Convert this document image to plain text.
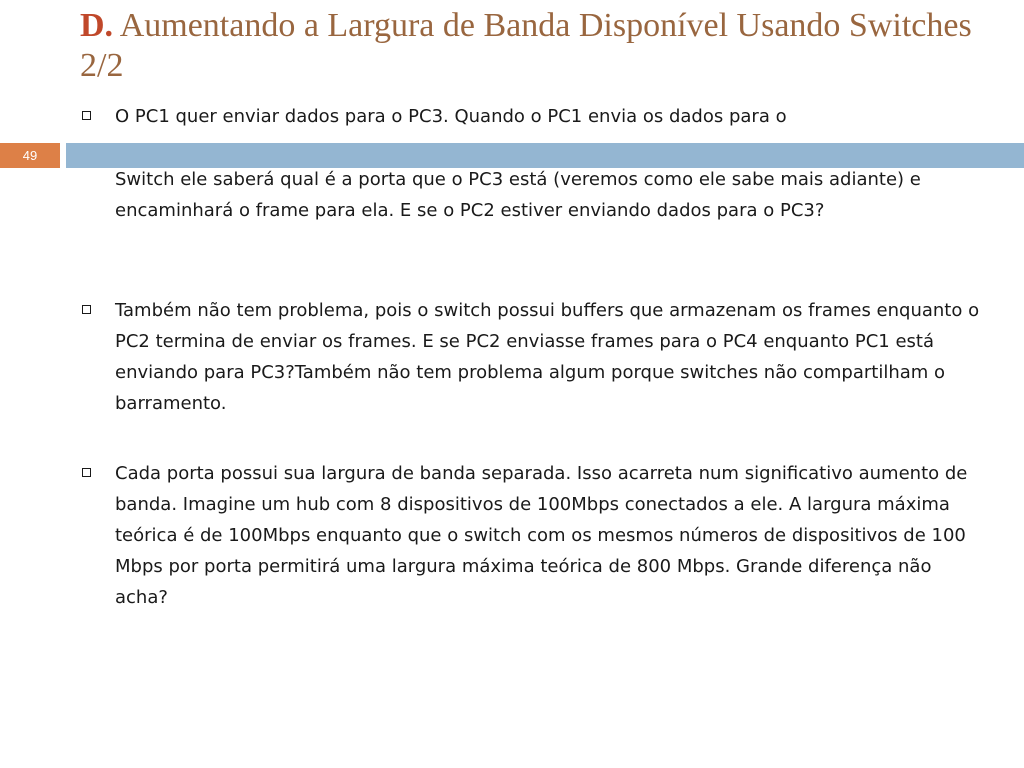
D. Aumentando a Largura de Banda Disponível Usando Switches 2/2
49
O PC1 quer enviar dados para o PC3. Quando o PC1 envia os dados para o
Switch ele saberá qual é a porta que o PC3 está (veremos como ele sabe mais adiante) e encaminhará o frame para ela. E se o PC2 estiver enviando dados para o PC3?
Também não tem problema, pois o switch possui buffers que armazenam os frames enquanto o PC2 termina de enviar os frames. E se PC2 enviasse frames para o PC4 enquanto PC1 está enviando para PC3?Também não tem problema algum porque switches não compartilham o barramento.
Cada porta possui sua largura de banda separada. Isso acarreta num significativo aumento de banda. Imagine um hub com 8 dispositivos de 100Mbps conectados a ele. A largura máxima teórica é de 100Mbps enquanto que o switch com os mesmos números de dispositivos de 100 Mbps por porta permitirá uma largura máxima teórica de 800 Mbps. Grande diferença não acha?
